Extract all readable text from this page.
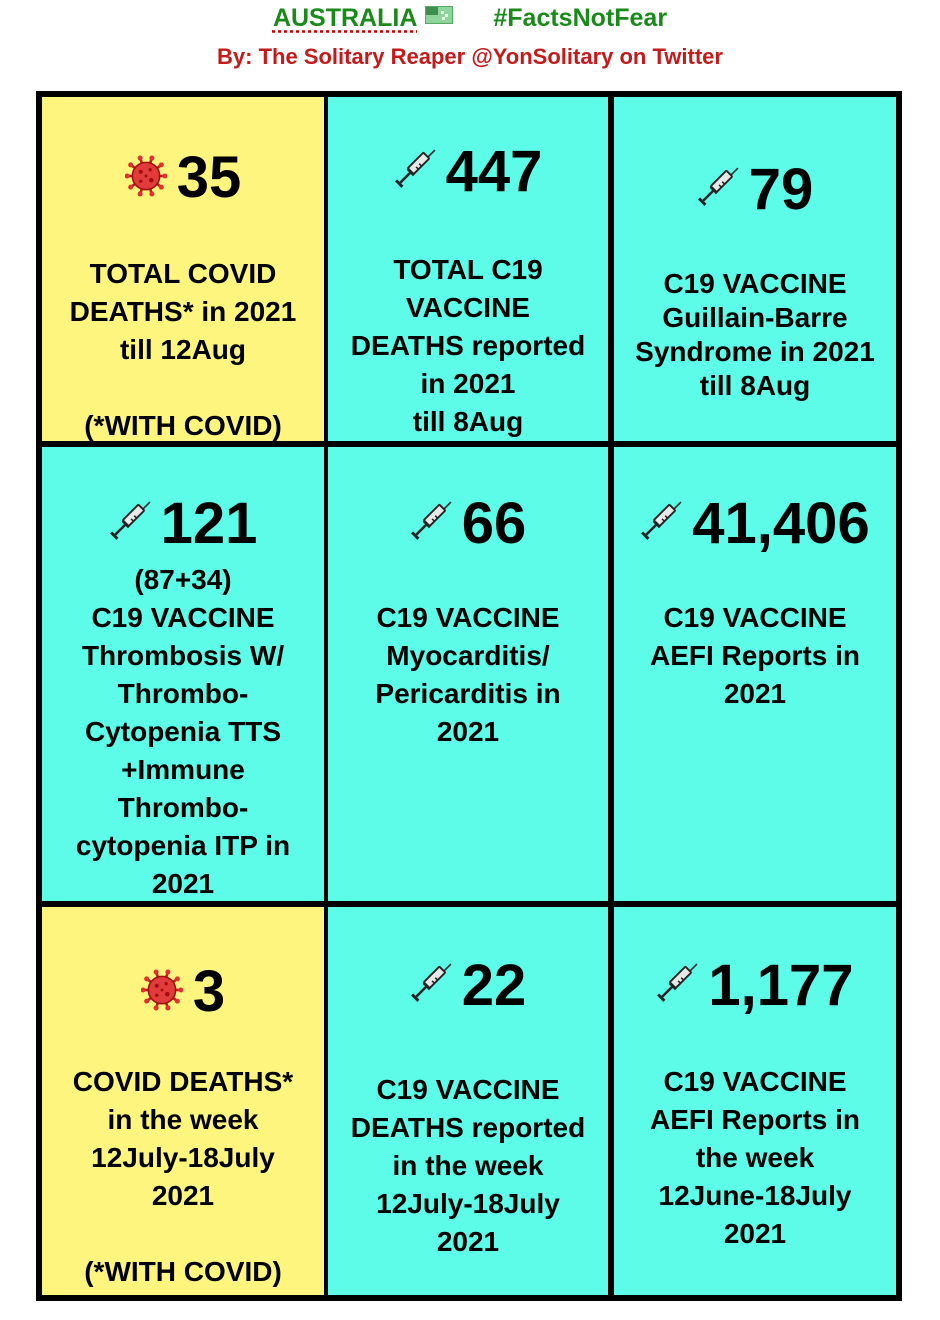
AUSTRALIA	#FactsNotFear
By: The Solitary Reaper @YonSolitary on Twitter
35
TOTAL COVID
DEATHS* in 2021
till 12Aug

(*WITH COVID)
447
TOTAL C19
VACCINE
DEATHS reported
in 2021
till 8Aug
79
C19 VACCINE
Guillain-Barre
Syndrome in 2021
till 8Aug
121
(87+34)
C19 VACCINE
Thrombosis W/
Thrombo-
Cytopenia TTS
+Immune
Thrombo-
cytopenia ITP in
2021
66
C19 VACCINE
Myocarditis/
Pericarditis in
2021
41,406
C19 VACCINE
AEFI Reports in
2021
3
COVID DEATHS*
in the week
12July-18July
2021

(*WITH COVID)
22
C19 VACCINE
DEATHS reported
in the week
12July-18July
2021
1,177
C19 VACCINE
AEFI Reports in
the week
12June-18July
2021
